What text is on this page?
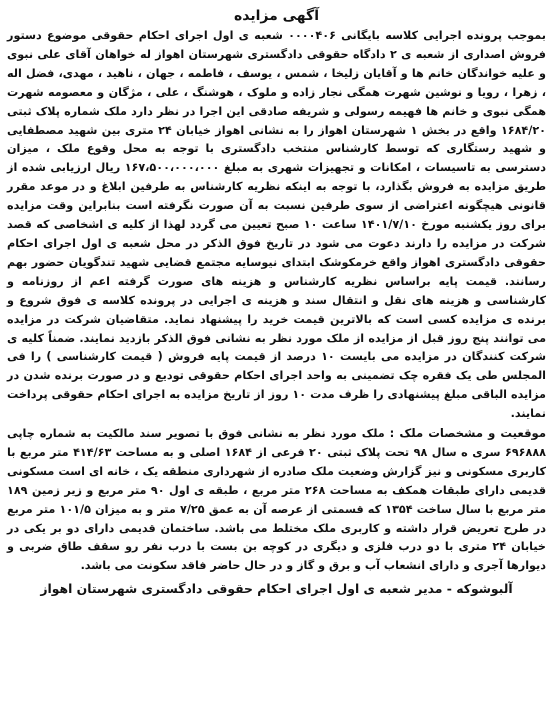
آگهی مزایده

بموجب پرونده اجرایی کلاسه بایگانی ۰۰۰۰۴۰۶ شعبه ی اول اجرای احکام حقوقی موضوع دستور فروش اصداری از شعبه ی ۲ دادگاه حقوقی دادگستری شهرستان اهواز له خواهان آقای علی نبوی و علیه خواندگان خانم ها و آقایان زلیخا ، شمس ، یوسف ، فاطمه ، جهان ، ناهید ، مهدی، فضل اله ، زهرا ، رویا و نوشین شهرت همگی نجار زاده و ملوک ، هوشنگ ، علی ، مژگان و معصومه شهرت همگی نبوی و خانم ها فهیمه رسولی و شریفه صادقی این اجرا در نظر دارد ملک شماره پلاک ثبتی ۱۶۸۴/۲۰ واقع در بخش ۱ شهرستان اهواز را به نشانی اهواز خیابان ۲۴ متری بین شهید مصطفایی و شهید رستگاری که توسط کارشناس منتخب دادگستری با توجه به محل وقوع ملک ، میزان دسترسی به تاسیسات ، امکانات و تجهیزات شهری به مبلغ ۱۶۷،۵۰۰،۰۰۰،۰۰۰ ریال ارزیابی شده از طریق مزایده به فروش بگذارد، با توجه به اینکه نظریه کارشناس به طرفین ابلاغ و در موعد مقرر قانونی هیچگونه اعتراضی از سوی طرفین نسبت به آن صورت نگرفته است بنابراین وقت مزایده برای روز یکشنبه مورخ ۱۴۰۱/۷/۱۰ ساعت ۱۰ صبح تعیین می گردد لهذا از کلیه ی اشخاصی که قصد شرکت در مزایده را دارند دعوت می شود در تاریخ فوق الذکر در محل شعبه ی اول اجرای احکام حقوقی دادگستری اهواز واقع خرمکوشک ابتدای نیوسایه مجتمع قضایی شهید تندگویان حضور بهم رسانند. قیمت پایه براساس نظریه کارشناس و هزینه های صورت گرفته اعم از روزنامه و کارشناسی و هزینه های نقل و انتقال سند و هزینه ی اجرایی در پرونده کلاسه ی فوق شروع و برنده ی مزایده کسی است که بالاترین قیمت خرید را پیشنهاد نماید. متقاضیان شرکت در مزایده می توانند پنج روز قبل از مزایده از ملک مورد نظر به نشانی فوق الذکر بازدید نمایند. ضمناً کلیه ی شرکت کنندگان در مزایده می بایست ۱۰ درصد از قیمت پایه فروش ( قیمت کارشناسی ) را فی المجلس طی یک فقره چک تضمینی به واحد اجرای احکام حقوقی تودیع و در صورت برنده شدن در مزایده الباقی مبلغ پیشنهادی را ظرف مدت ۱۰ روز از تاریخ مزایده به اجرای احکام حقوقی پرداخت نمایند.
موقعیت و مشخصات ملک : ملک مورد نظر به نشانی فوق با تصویر سند مالکیت به شماره چاپی ۶۹۶۸۸۸ سری ه سال ۹۸ تحت پلاک ثبتی ۲۰ فرعی از ۱۶۸۴ اصلی و به مساحت ۴۱۴/۶۳ متر مربع با کاربری مسکونی و نیز گزارش وضعیت ملک صادره از شهرداری منطقه یک ، خانه ای است مسکونی قدیمی دارای طبقات همکف به مساحت ۲۶۸ متر مربع ، طبقه ی اول ۹۰ متر مربع و زیر زمین ۱۸۹ متر مربع با سال ساخت ۱۳۵۴ که قسمتی از عرصه آن به عمق ۷/۲۵ متر و به میزان ۱۰۱/۵ متر مربع در طرح تعریض قرار داشته و کاربری ملک مختلط می باشد. ساختمان قدیمی دارای دو بر یکی در خیابان ۲۴ متری با دو درب فلزی و دیگری در کوچه بن بست با درب نفر رو سقف طاق ضربی و دیوارها آجری و دارای انشعاب آب و برق و گاز و در حال حاضر فاقد سکونت می باشد.

آلبوشوکه - مدیر شعبه ی اول اجرای احکام حقوقی دادگستری شهرستان اهواز
